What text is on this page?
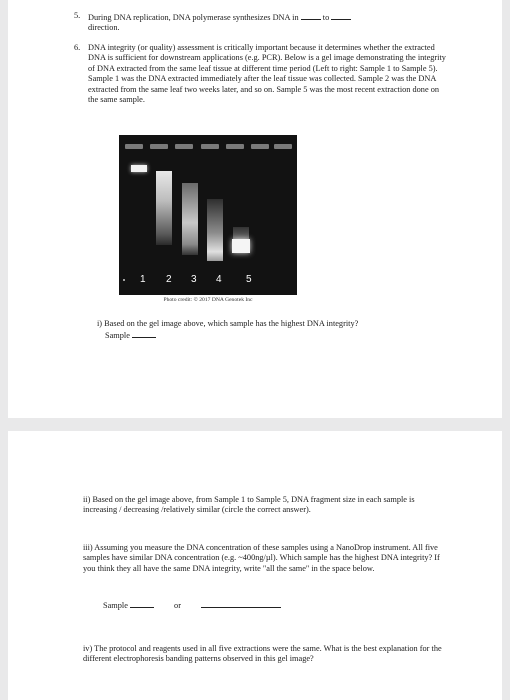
5. During DNA replication, DNA polymerase synthesizes DNA in	to
direction.
6. DNA integrity (or quality) assessment is critically important because it determines whether the extracted DNA is sufficient for downstream applications (e.g. PCR). Below is a gel image demonstrating the integrity of DNA extracted from the same leaf tissue at different time period (Left to right: Sample 1 to Sample 5). Sample 1 was the DNA extracted immediately after the leaf tissue was collected. Sample 2 was the DNA extracted from the same leaf two weeks later, and so on. Sample 5 was the most recent extraction done on the same sample.
1 2 3 4 5
Photo credit: © 2017 DNA Genotek Inc
i) Based on the gel image above, which sample has the highest DNA integrity?
Sample
ii) Based on the gel image above, from Sample 1 to Sample 5, DNA fragment size in each sample is increasing / decreasing /relatively similar (circle the correct answer).
iii) Assuming you measure the DNA concentration of these samples using a NanoDrop instrument. All five samples have similar DNA concentration (e.g. ~400ng/µl). Which sample has the highest DNA integrity? If you think they all have the same DNA integrity, write "all the same" in the space below.
Sample	or
iv) The protocol and reagents used in all five extractions were the same. What is the best explanation for the different electrophoresis banding patterns observed in this gel image?
